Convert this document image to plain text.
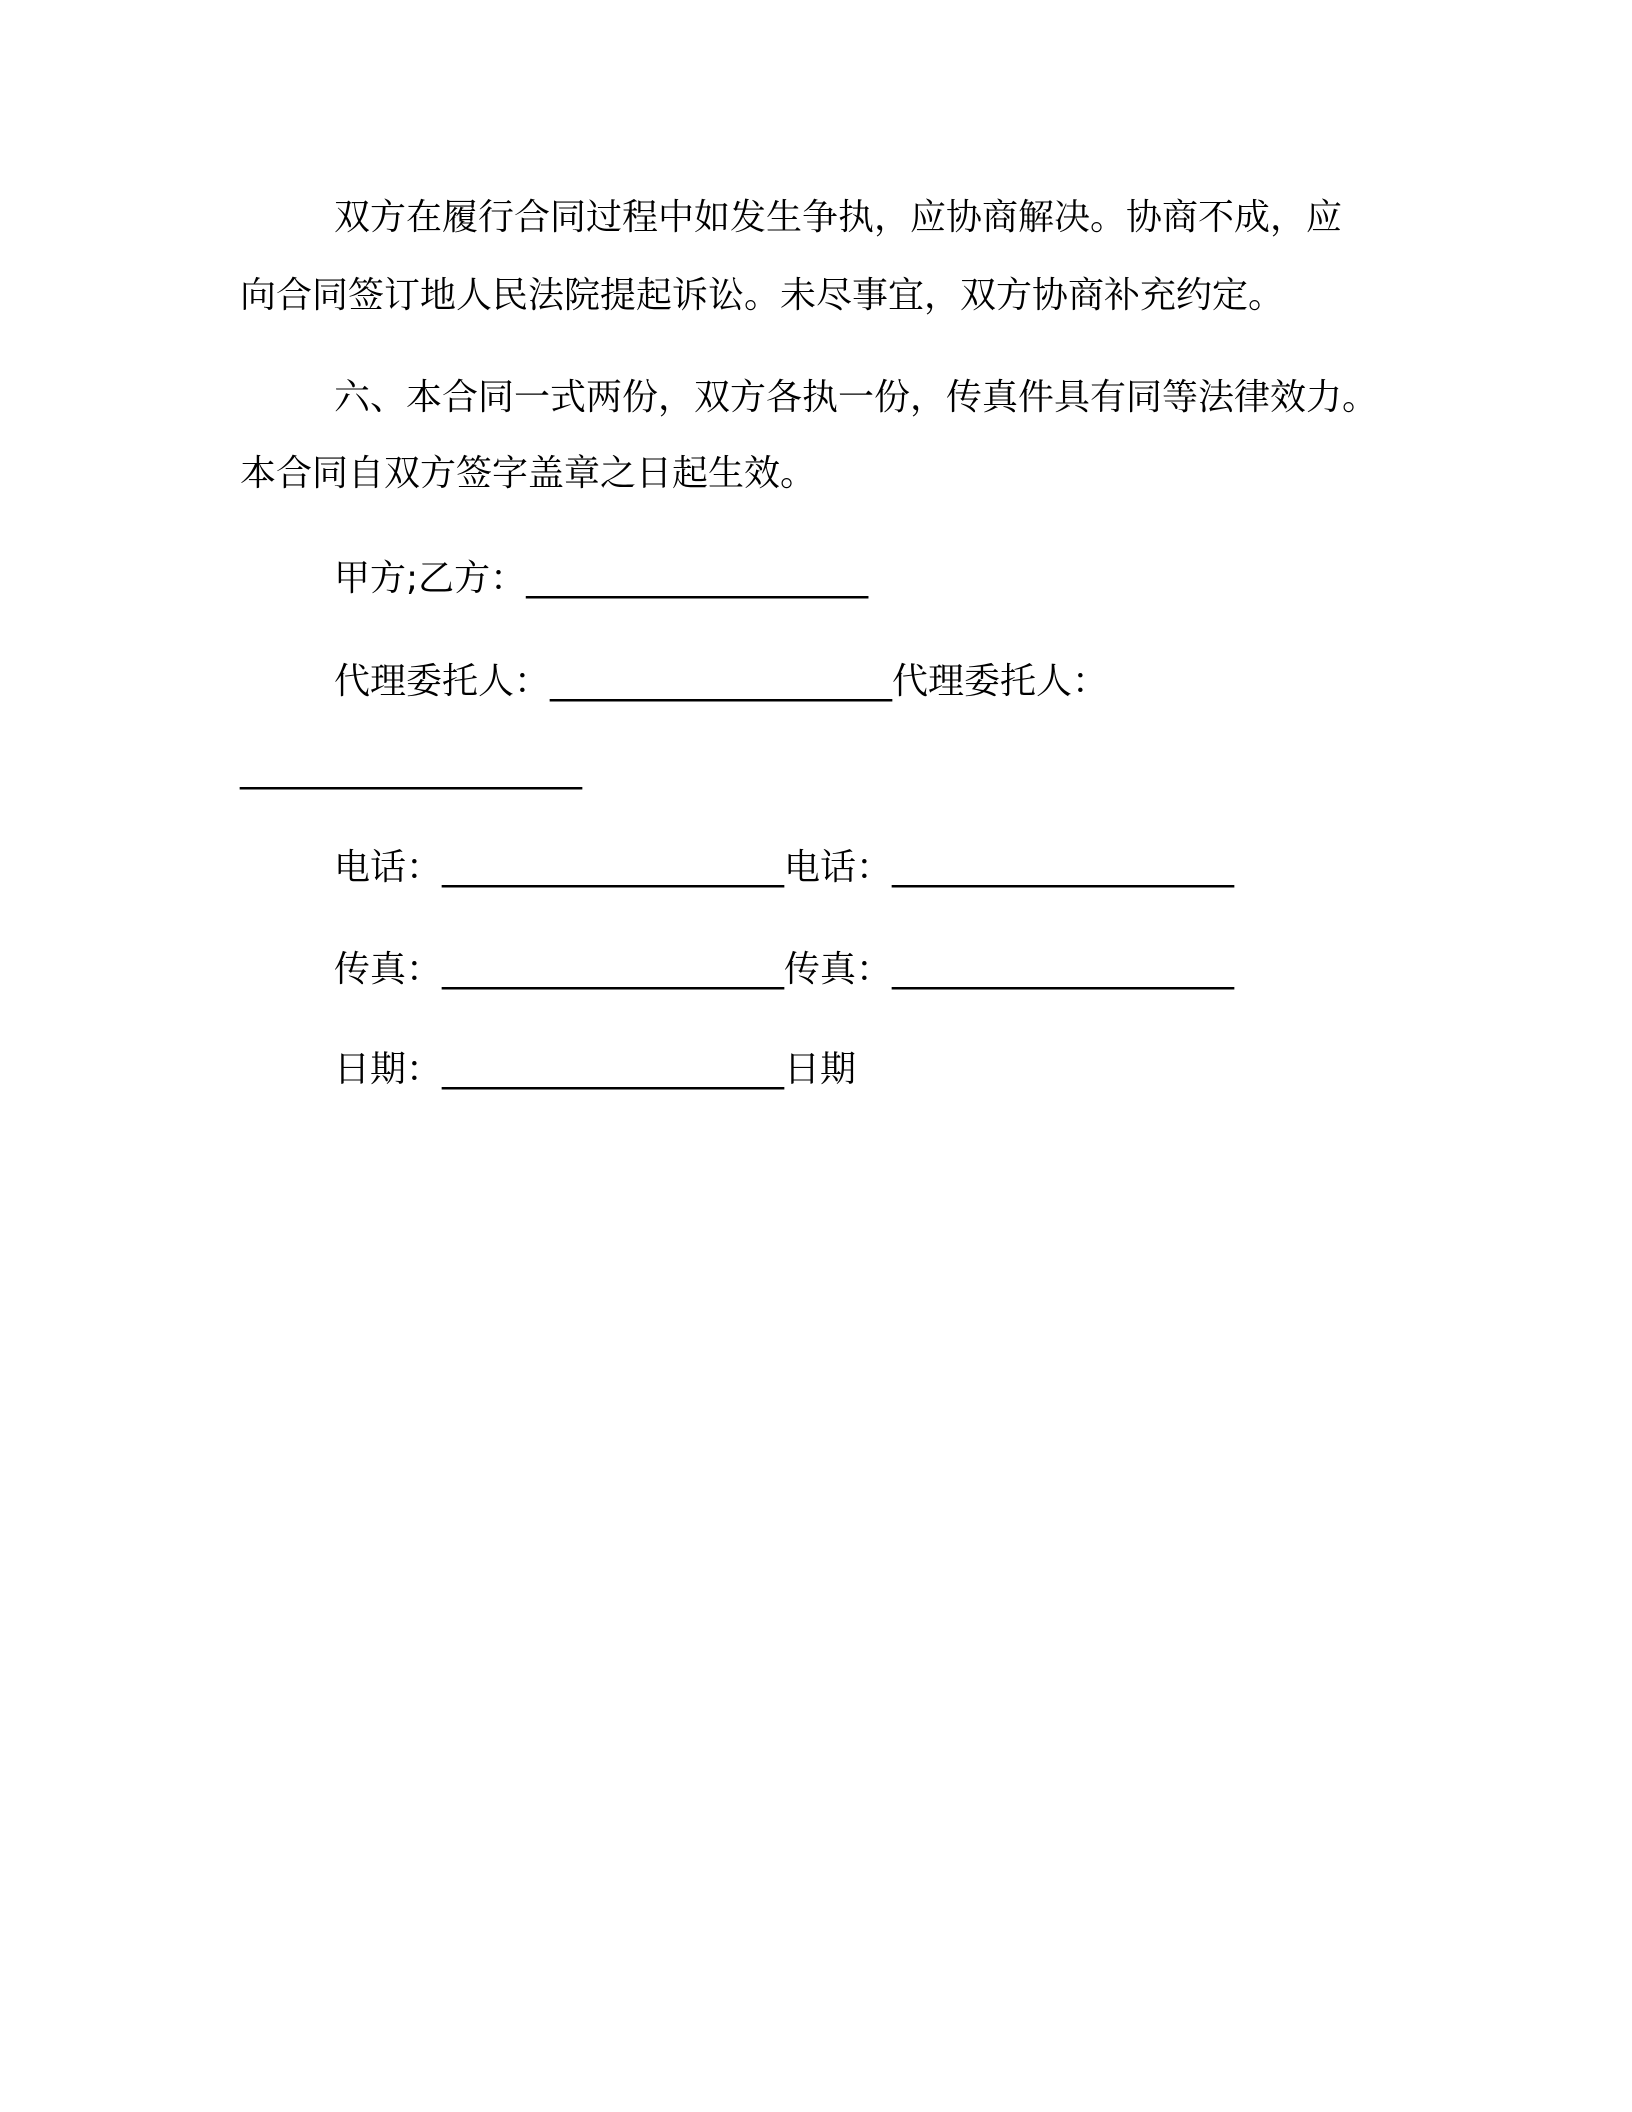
双方在履行合同过程中如发生争执，应协商解决。协商不成，应
向合同签订地人民法院提起诉讼。未尽事宜，双方协商补充约定。
六、本合同一式两份，双方各执一份，传真件具有同等法律效力。
本合同自双方签字盖章之日起生效。
甲方;乙方：___________________
代理委托人：___________________代理委托人：
___________________
电话：___________________电话：___________________
传真：___________________传真：___________________
日期：___________________日期
